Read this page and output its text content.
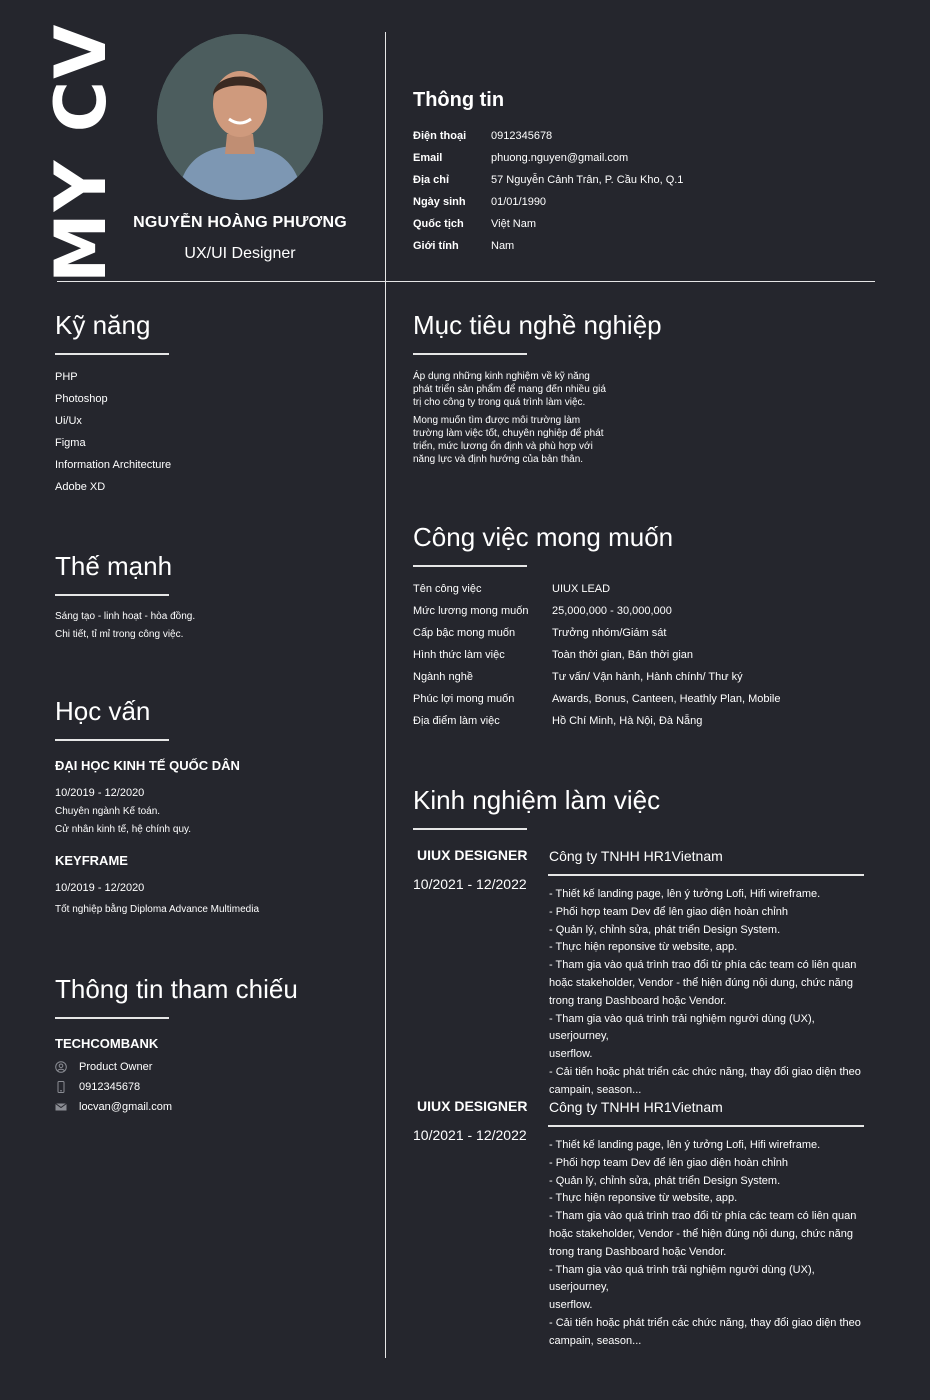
MY CV NGUYỄN HOÀNG PHƯƠNG
UX/UI Designer
Thông tin
Điện thoại 0912345678
Email	phuong.nguyen@gmail.com
Địa chỉ	57 Nguyễn Cảnh Trân, P. Cầu Kho, Q.1
Ngày sinh 01/01/1990
Quốc tịch Việt Nam
Giới tính	Nam
Kỹ năng
PHP
Photoshop
Ui/Ux
Figma
Information Architecture
Adobe XD
Thế mạnh
Sáng tạo - linh hoạt - hòa đồng.
Chi tiết, tỉ mỉ trong công việc.
Học vấn
ĐẠI HỌC KINH TẾ QUỐC DÂN
10/2019 - 12/2020
Chuyên ngành Kế toán.
Cử nhân kinh tế, hệ chính quy.
KEYFRAME
10/2019 - 12/2020
Tốt nghiệp bằng Diploma Advance Multimedia
Thông tin tham chiếu
TECHCOMBANK
Product Owner
0912345678
locvan@gmail.com
Mục tiêu nghề nghiệp
Áp dụng những kinh nghiệm về kỹ năng
phát triển sản phẩm để mang đến nhiều giá
trị cho công ty trong quá trình làm việc.
Mong muốn tìm được môi trường làm
trường làm việc tốt, chuyên nghiệp để phát
triển, mức lương ổn định và phù hợp với
năng lực và định hướng của bản thân.
Công việc mong muốn
Tên công việc	UIUX LEAD
Mức lương mong muốn 25,000,000 - 30,000,000
Cấp bậc mong muốn	Trưởng nhóm/Giám sát
Hình thức làm việc	Toàn thời gian, Bán thời gian
Ngành nghề	Tư vấn/ Vận hành, Hành chính/ Thư ký
Phúc lợi mong muốn	Awards, Bonus, Canteen, Heathly Plan, Mobile
Địa điểm làm việc	Hồ Chí Minh, Hà Nội, Đà Nẵng
Kinh nghiệm làm việc
UIUX DESIGNER
10/2021 - 12/2022
Công ty TNHH HR1Vietnam
- Thiết kế landing page, lên ý tưởng Lofi, Hifi wireframe.
- Phối hợp team Dev để lên giao diện hoàn chỉnh
- Quản lý, chỉnh sửa, phát triển Design System.
- Thực hiện reponsive từ website, app.
- Tham gia vào quá trình trao đổi từ phía các team có liên quan
hoặc stakeholder, Vendor - thể hiện đúng nội dung, chức năng
trong trang Dashboard hoặc Vendor.
- Tham gia vào quá trình trải nghiệm người dùng (UX), userjourney,
userflow.
- Cải tiến hoặc phát triển các chức năng, thay đổi giao diện theo
campain, season...
UIUX DESIGNER
10/2021 - 12/2022
Công ty TNHH HR1Vietnam
- Thiết kế landing page, lên ý tưởng Lofi, Hifi wireframe.
- Phối hợp team Dev để lên giao diện hoàn chỉnh
- Quản lý, chỉnh sửa, phát triển Design System.
- Thực hiện reponsive từ website, app.
- Tham gia vào quá trình trao đổi từ phía các team có liên quan
hoặc stakeholder, Vendor - thể hiện đúng nội dung, chức năng
trong trang Dashboard hoặc Vendor.
- Tham gia vào quá trình trải nghiệm người dùng (UX), userjourney,
userflow.
- Cải tiến hoặc phát triển các chức năng, thay đổi giao diện theo
campain, season...
